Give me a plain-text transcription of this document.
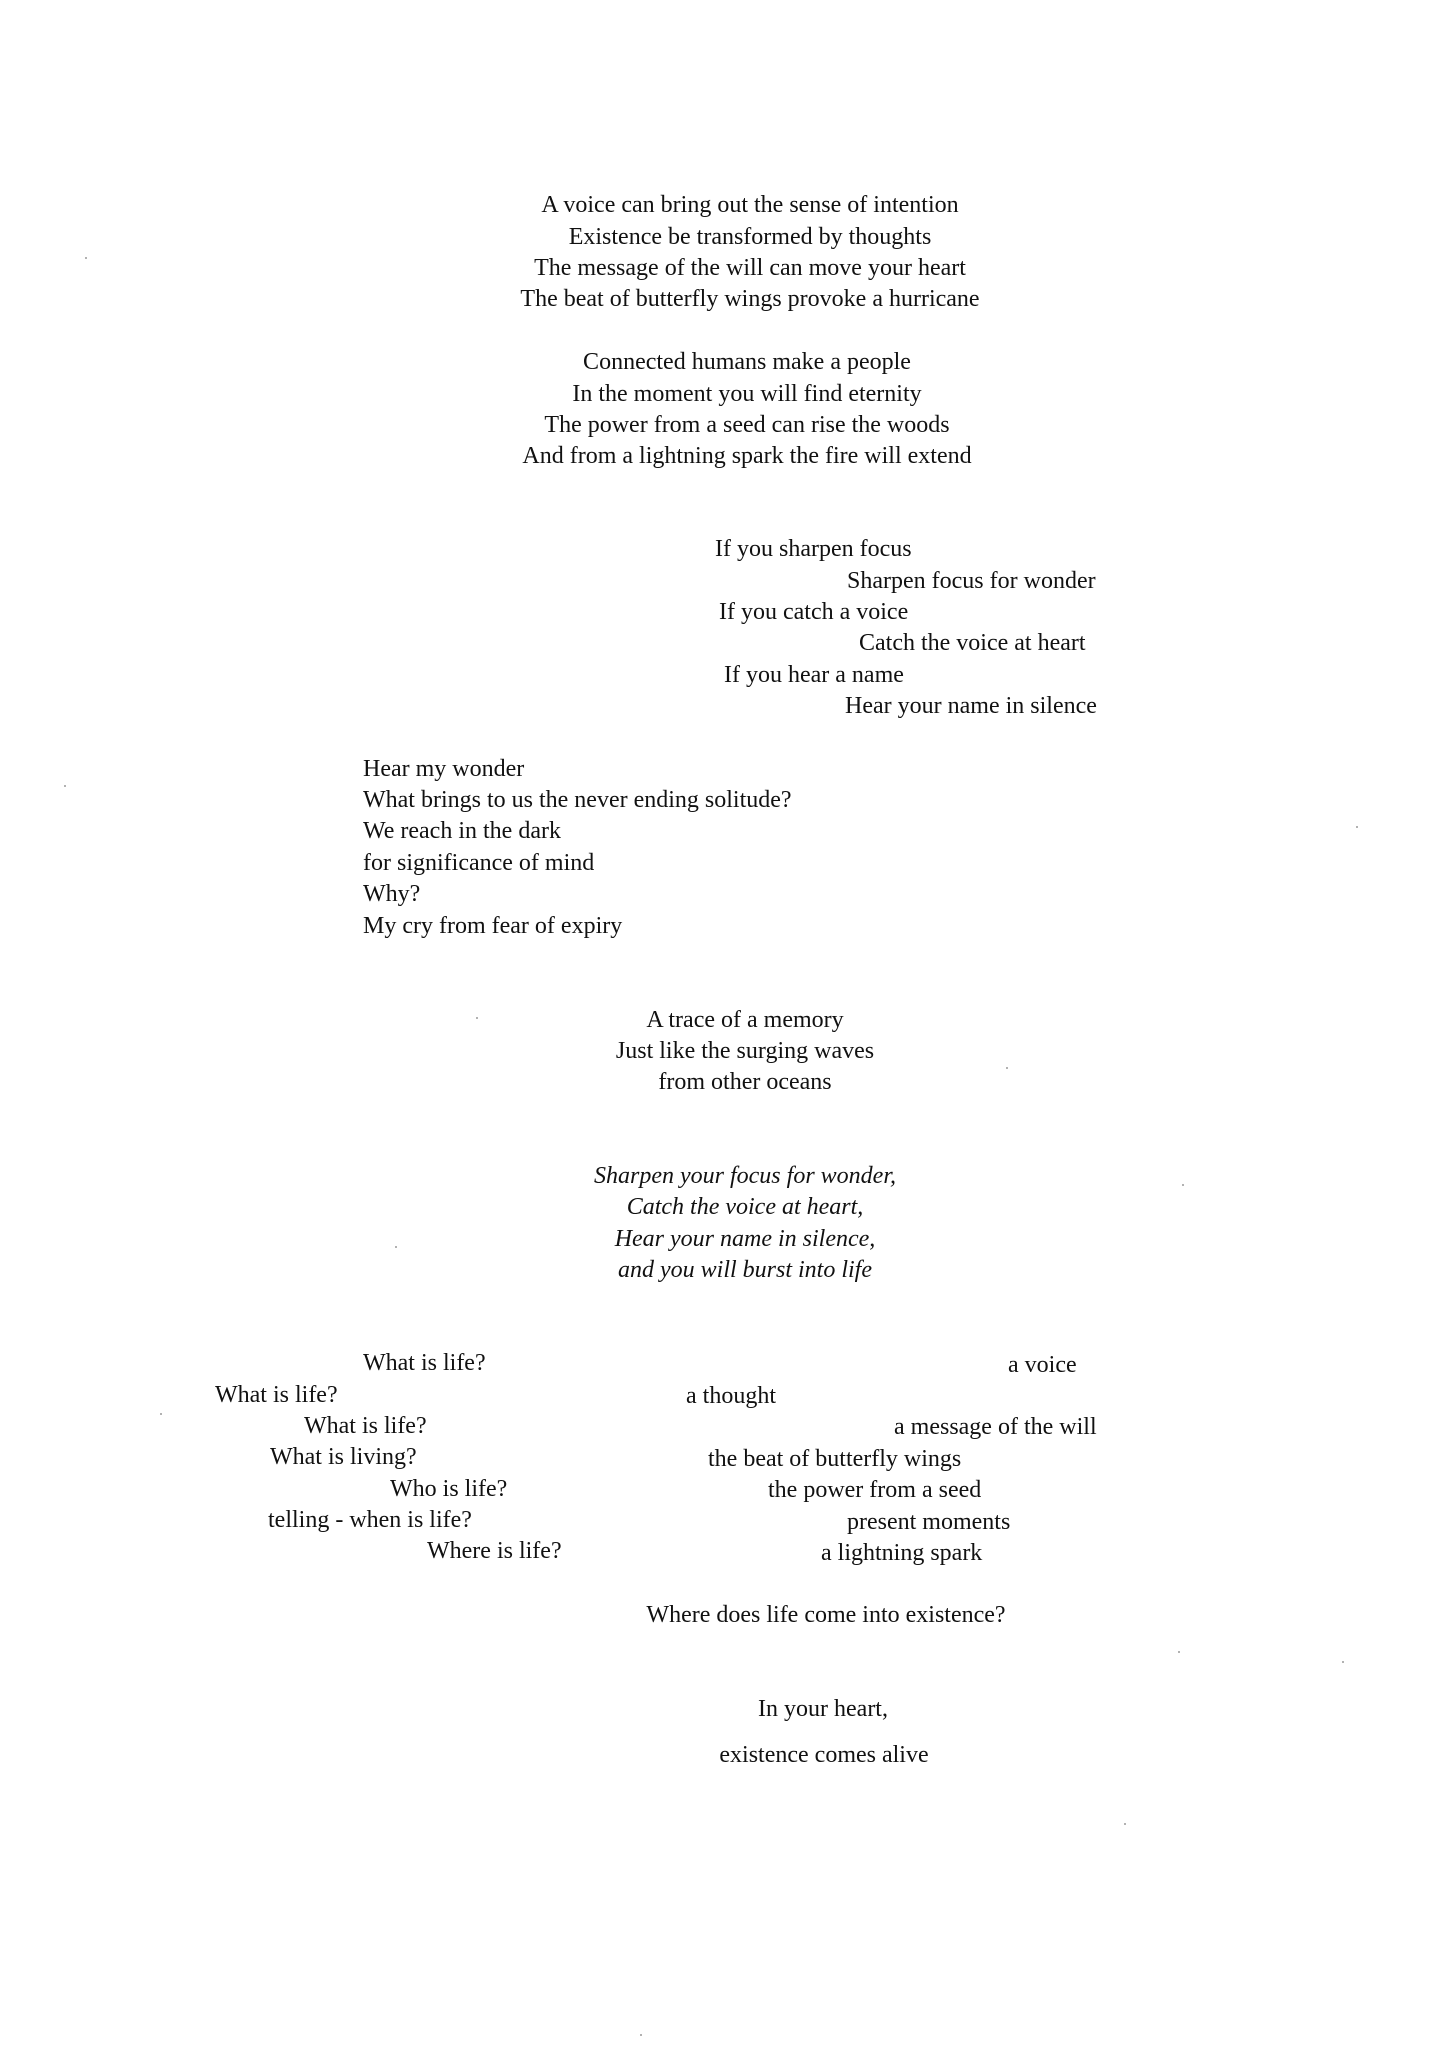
A voice can bring out the sense of intention
Existence be transformed by thoughts
The message of the will can move your heart
The beat of butterfly wings provoke a hurricane
Connected humans make a people
In the moment you will find eternity
The power from a seed can rise the woods
And from a lightning spark the fire will extend
If you sharpen focus
Sharpen focus for wonder
If you catch a voice
Catch the voice at heart
If you hear a name
Hear your name in silence
Hear my wonder
What brings to us the never ending solitude?
We reach in the dark
for significance of mind
Why?
My cry from fear of expiry
A trace of a memory
Just like the surging waves
from other oceans
Sharpen your focus for wonder,
Catch the voice at heart,
Hear your name in silence,
and you will burst into life
What is life?
What is life?
What is life?
What is living?
Who is life?
telling - when is life?
Where is life?
a voice
a thought
a message of the will
the beat of butterfly wings
the power from a seed
present moments
a lightning spark
Where does life come into existence?
In your heart,
existence comes alive
